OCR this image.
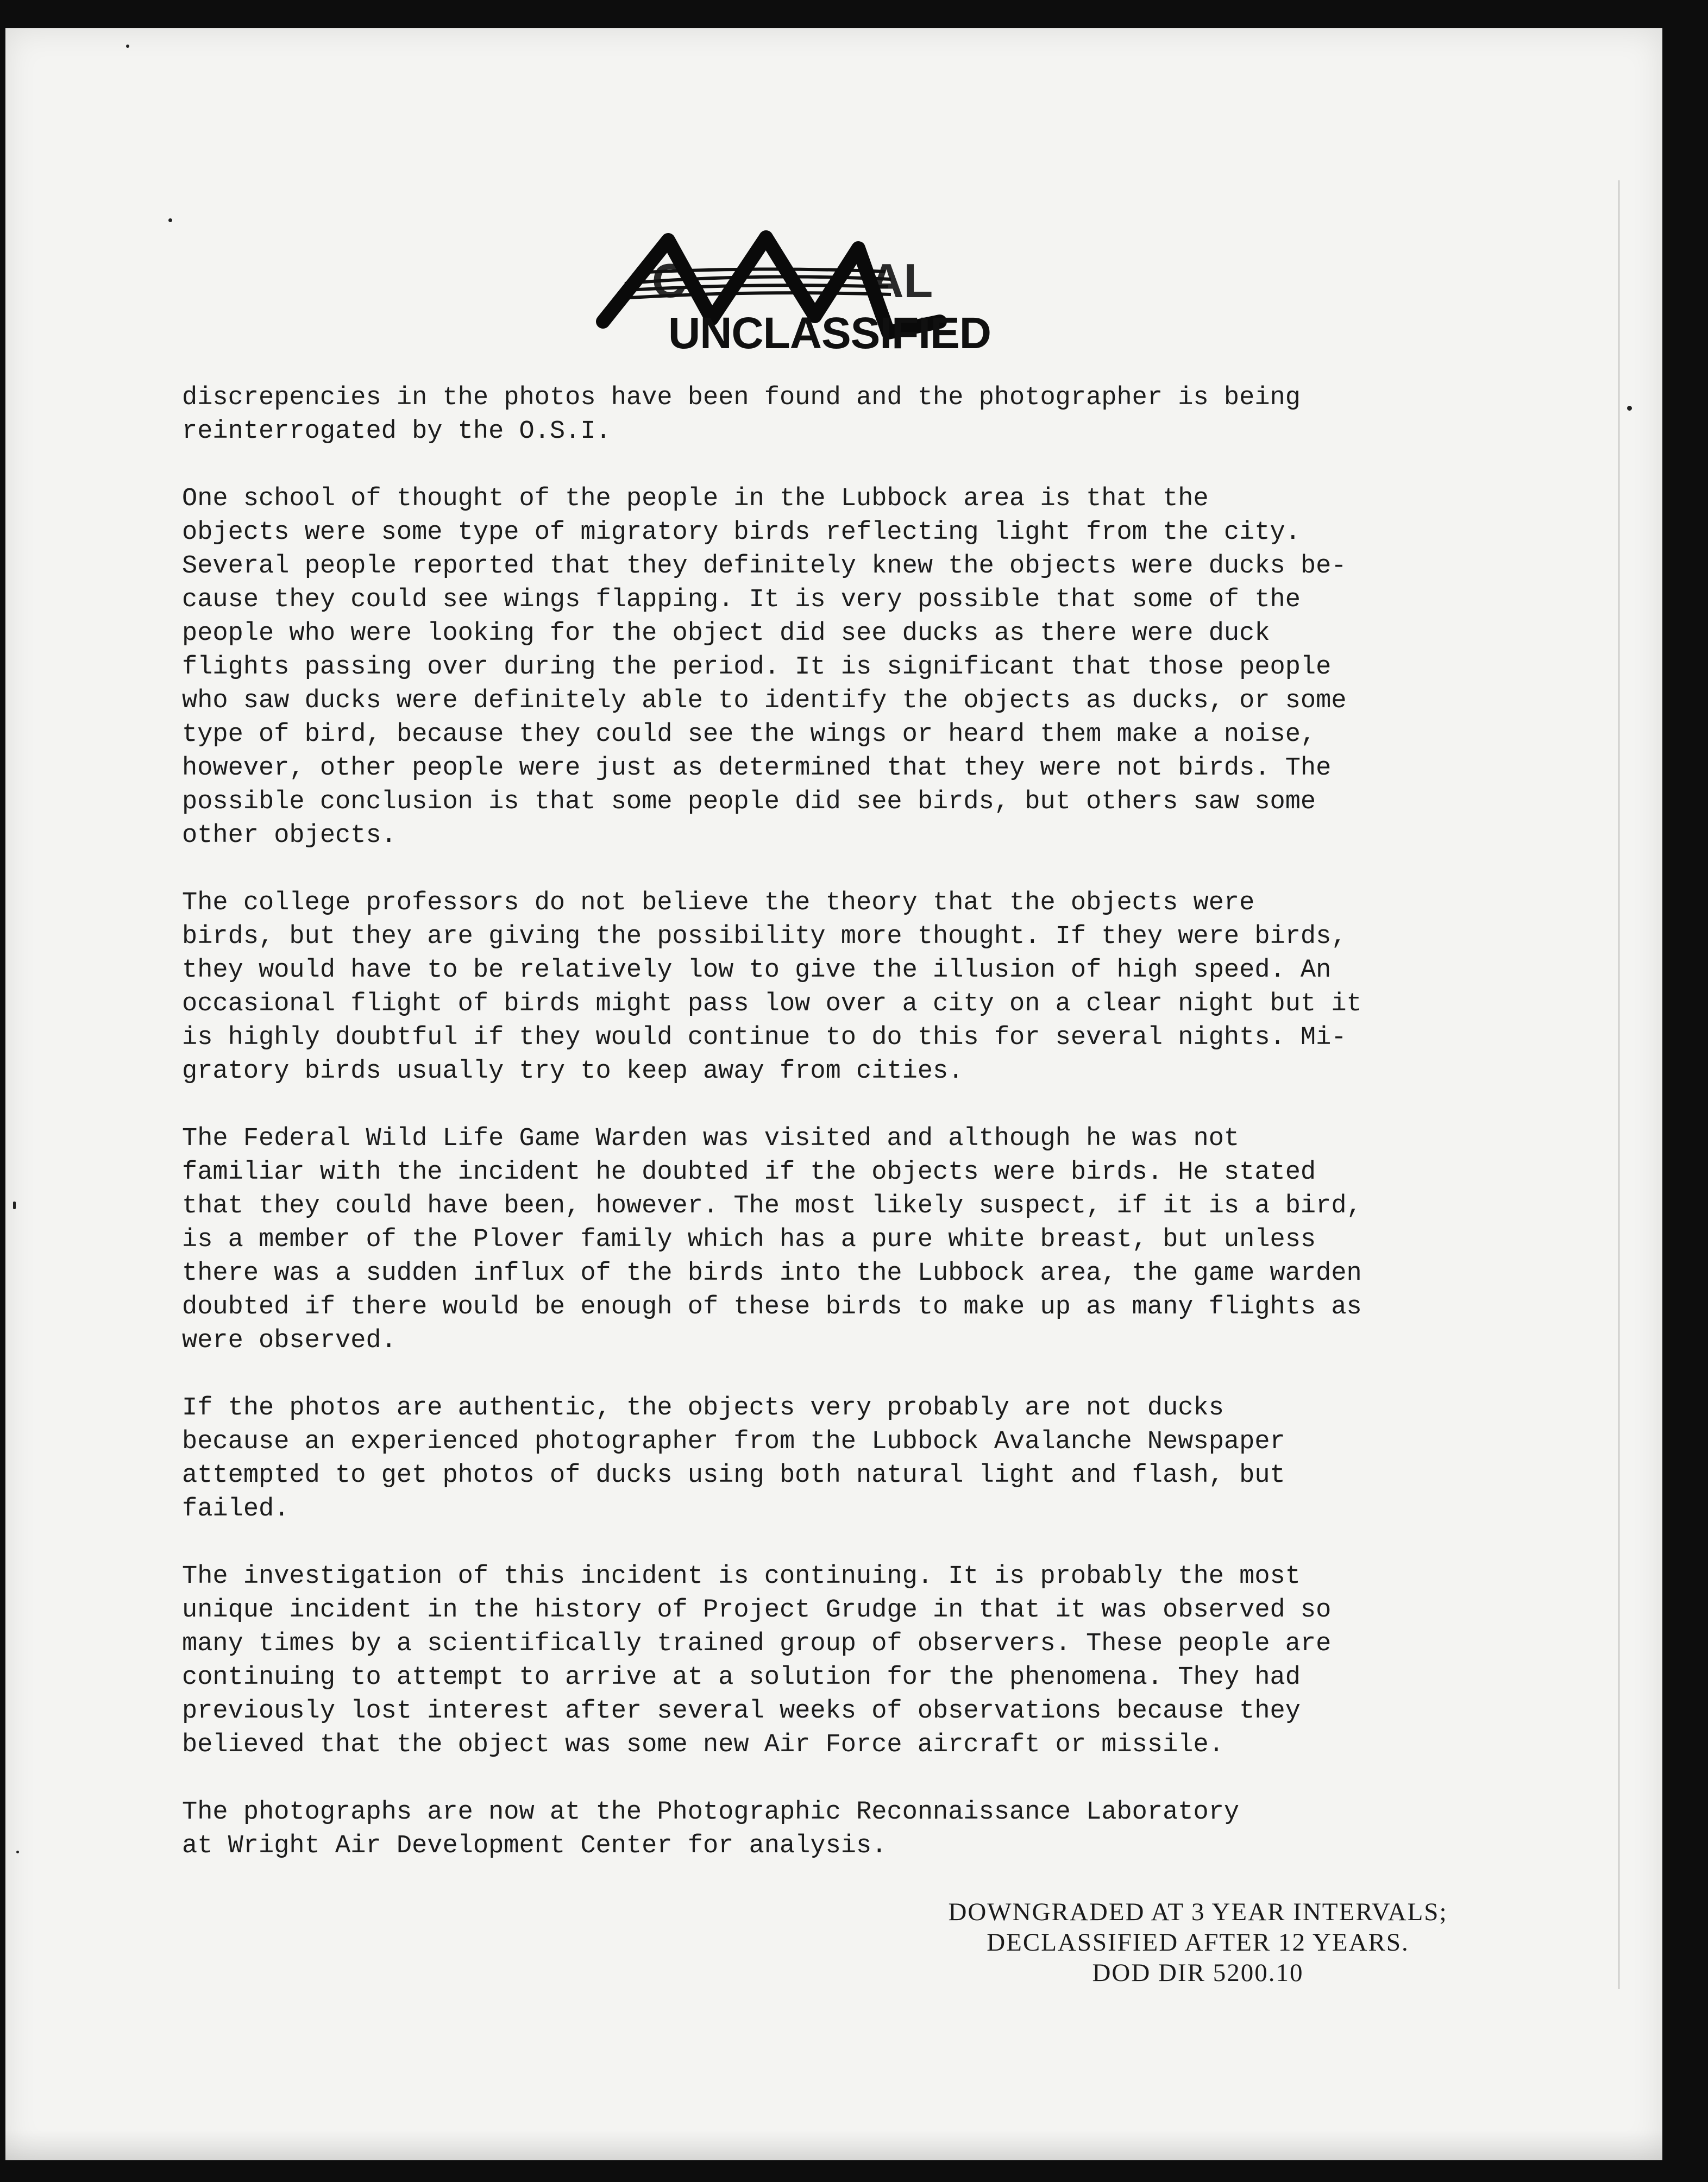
C	AL
UNCLASSIFIED

discrepencies in the photos have been found and the photographer is being
reinterrogated by the O.S.I.

One school of thought of the people in the Lubbock area is that the
objects were some type of migratory birds reflecting light from the city.
Several people reported that they definitely knew the objects were ducks be-
cause they could see wings flapping. It is very possible that some of the
people who were looking for the object did see ducks as there were duck
flights passing over during the period. It is significant that those people
who saw ducks were definitely able to identify the objects as ducks, or some
type of bird, because they could see the wings or heard them make a noise,
however, other people were just as determined that they were not birds. The
possible conclusion is that some people did see birds, but others saw some
other objects.

The college professors do not believe the theory that the objects were
birds, but they are giving the possibility more thought. If they were birds,
they would have to be relatively low to give the illusion of high speed. An
occasional flight of birds might pass low over a city on a clear night but it
is highly doubtful if they would continue to do this for several nights. Mi-
gratory birds usually try to keep away from cities.

The Federal Wild Life Game Warden was visited and although he was not
familiar with the incident he doubted if the objects were birds. He stated
that they could have been, however. The most likely suspect, if it is a bird,
is a member of the Plover family which has a pure white breast, but unless
there was a sudden influx of the birds into the Lubbock area, the game warden
doubted if there would be enough of these birds to make up as many flights as
were observed.

If the photos are authentic, the objects very probably are not ducks
because an experienced photographer from the Lubbock Avalanche Newspaper
attempted to get photos of ducks using both natural light and flash, but
failed.

The investigation of this incident is continuing. It is probably the most
unique incident in the history of Project Grudge in that it was observed so
many times by a scientifically trained group of observers. These people are
continuing to attempt to arrive at a solution for the phenomena. They had
previously lost interest after several weeks of observations because they
believed that the object was some new Air Force aircraft or missile.

The photographs are now at the Photographic Reconnaissance Laboratory
at Wright Air Development Center for analysis.

DOWNGRADED AT 3 YEAR INTERVALS;
DECLASSIFIED AFTER 12 YEARS.
DOD DIR 5200.10
